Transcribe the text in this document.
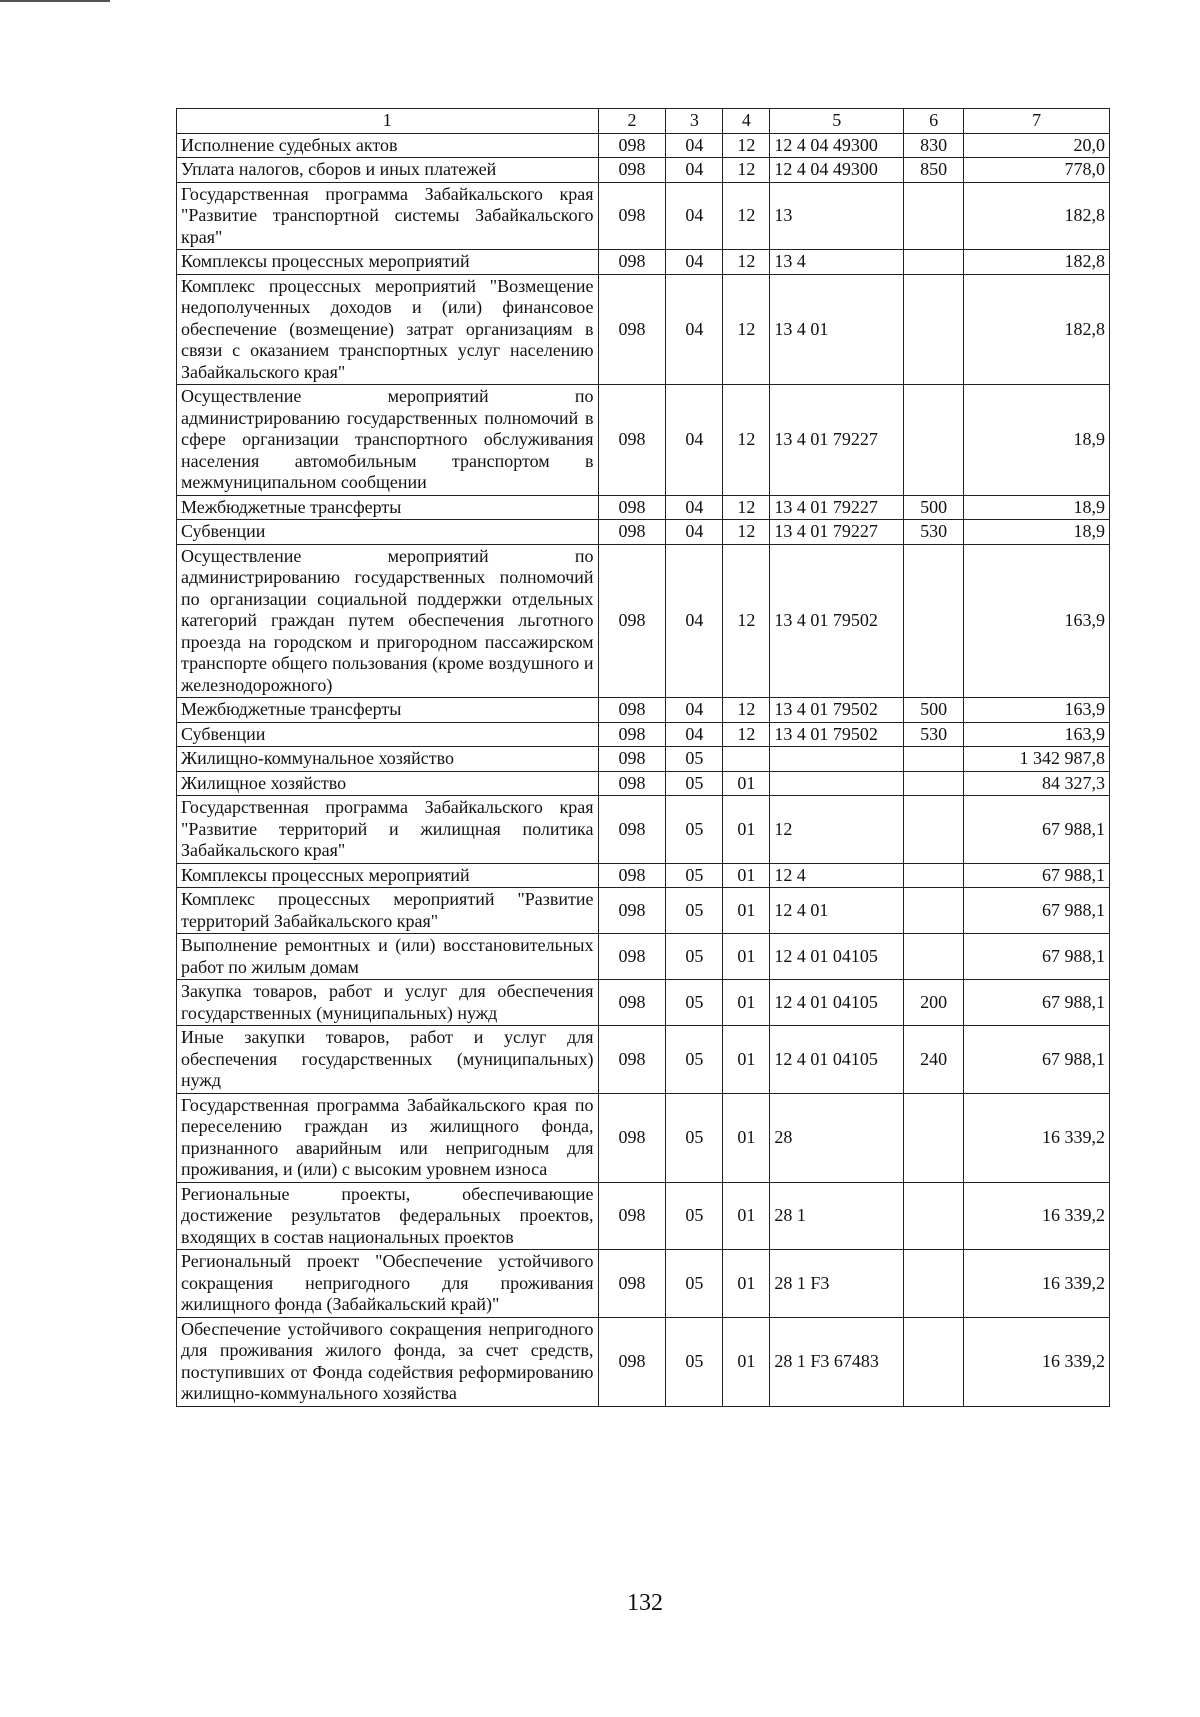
1	2	3	4	5	6	7
Исполнение судебных актов	098	04	12	12 4 04 49300	830	20,0
Уплата налогов, сборов и иных платежей	098	04	12	12 4 04 49300	850	778,0
Государственная программа Забайкальского края "Развитие транспортной системы Забайкальского края"	098	04	12	13		182,8
Комплексы процессных мероприятий	098	04	12	13 4		182,8
Комплекс процессных мероприятий "Возмещение недополученных доходов и (или) финансовое обеспечение (возмещение) затрат организациям в связи с оказанием транспортных услуг населению Забайкальского края"	098	04	12	13 4 01		182,8
Осуществление мероприятий по администрированию государственных полномочий в сфере организации транспортного обслуживания населения автомобильным транспортом в межмуниципальном сообщении	098	04	12	13 4 01 79227		18,9
Межбюджетные трансферты	098	04	12	13 4 01 79227	500	18,9
Субвенции	098	04	12	13 4 01 79227	530	18,9
Осуществление мероприятий по администрированию государственных полномочий по организации социальной поддержки отдельных категорий граждан путем обеспечения льготного проезда на городском и пригородном пассажирском транспорте общего пользования (кроме воздушного и железнодорожного)	098	04	12	13 4 01 79502		163,9
Межбюджетные трансферты	098	04	12	13 4 01 79502	500	163,9
Субвенции	098	04	12	13 4 01 79502	530	163,9
Жилищно-коммунальное хозяйство	098	05				1 342 987,8
Жилищное хозяйство	098	05	01			84 327,3
Государственная программа Забайкальского края "Развитие территорий и жилищная политика Забайкальского края"	098	05	01	12		67 988,1
Комплексы процессных мероприятий	098	05	01	12 4		67 988,1
Комплекс процессных мероприятий "Развитие территорий Забайкальского края"	098	05	01	12 4 01		67 988,1
Выполнение ремонтных и (или) восстановительных работ по жилым домам	098	05	01	12 4 01 04105		67 988,1
Закупка товаров, работ и услуг для обеспечения государственных (муниципальных) нужд	098	05	01	12 4 01 04105	200	67 988,1
Иные закупки товаров, работ и услуг для обеспечения государственных (муниципальных) нужд	098	05	01	12 4 01 04105	240	67 988,1
Государственная программа Забайкальского края по переселению граждан из жилищного фонда, признанного аварийным или непригодным для проживания, и (или) с высоким уровнем износа	098	05	01	28		16 339,2
Региональные проекты, обеспечивающие достижение результатов федеральных проектов, входящих в состав национальных проектов	098	05	01	28 1		16 339,2
Региональный проект "Обеспечение устойчивого сокращения непригодного для проживания жилищного фонда (Забайкальский край)"	098	05	01	28 1 F3		16 339,2
Обеспечение устойчивого сокращения непригодного для проживания жилого фонда, за счет средств, поступивших от Фонда содействия реформированию жилищно-коммунального хозяйства	098	05	01	28 1 F3 67483		16 339,2
132
